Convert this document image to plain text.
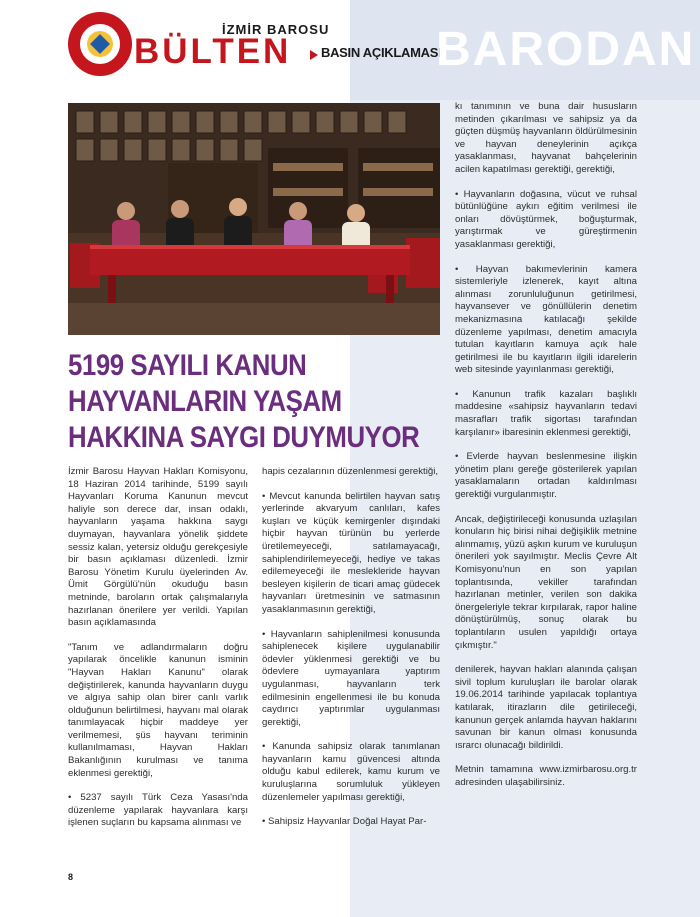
İZMİR BAROSU
BÜLTEN BASIN AÇIKLAMASI
BARODAN
5199 SAYILI KANUN
HAYVANLARIN YAŞAM
HAKKINA SAYGI DUYMUYOR

İzmir Barosu Hayvan Hakları Komisyonu, 18 Haziran 2014 tarihinde, 5199 sayılı Hayvanları Koruma Kanunun mevcut haliyle son derece dar, insan odaklı, hayvanların yaşama hakkına saygı duymayan, hayvanlara yönelik şiddete sessiz kalan, yetersiz olduğu gerekçesiyle bir basın açıklaması düzenledi. İzmir Barosu Yönetim Kurulu üyelerinden Av. Ümit Görgülü'nün okuduğu basın metninde, baroların ortak çalışmalarıyla hazırlanan önerilere yer verildi. Yapılan basın açıklamasında

"Tanım ve adlandırmaların doğru yapılarak öncelikle kanunun isminin "Hayvan Hakları Kanunu" olarak değiştirilerek, kanunda hayvanların duygu ve algıya sahip olan birer canlı varlık olduğunun belirtilmesi, hayvanı mal olarak tanımlayacak hiçbir maddeye yer verilmemesi, şüs hayvanı teriminin kullanılmaması, Hayvan Hakları Bakanlığının kurulması ve tanıma eklenmesi gerektiği,

• 5237 sayılı Türk Ceza Yasası'nda düzenleme yapılarak hayvanlara karşı işlenen suçların bu kapsama alınması ve

hapis cezalarının düzenlenmesi gerektiği,

• Mevcut kanunda belirtilen hayvan satış yerlerinde akvaryum canlıları, kafes kuşları ve küçük kemirgenler dışındaki hiçbir hayvan türünün bu yerlerde üretilemeyeceği, satılamayacağı, sahiplendirilemeyeceği, hediye ve takas edilemeyeceği ile meslekleride hayvan besleyen kişilerin de ticari amaç güdecek hayvanları üretmesinin ve satmasının yasaklanmasının gerektiği,

• Hayvanların sahiplenilmesi konusunda sahiplenecek kişilere uygulanabilir ödevler yüklenmesi gerektiği ve bu ödevlere uymayanlara yaptırım uygulanması, hayvanların terk edilmesinin engellenmesi ile bu konuda caydırıcı yaptırımlar uygulanması gerektiği,

• Kanunda sahipsiz olarak tanımlanan hayvanların kamu güvencesi altında olduğu kabul edilerek, kamu kurum ve kuruluşlarına sorumluluk yükleyen düzenlemeler yapılması gerektiği,

• Sahipsiz Hayvanlar Doğal Hayat Par-

kı tanımının ve buna dair hususların metinden çıkarılması ve sahipsiz ya da güçten düşmüş hayvanların öldürülmesinin ve hayvan deneylerinin açıkça yasaklanması, hayvanat bahçelerinin acilen kapatılması gerektiği, gerektiği,

• Hayvanların doğasına, vücut ve ruhsal bütünlüğüne aykırı eğitim verilmesi ile onları dövüştürmek, boğuşturmak, yarıştırmak ve güreştirmenin yasaklanması gerektiği,

• Hayvan bakımevlerinin kamera sistemleriyle izlenerek, kayıt altına alınması zorunluluğunun getirilmesi, hayvansever ve gönüllülerin denetim mekanizmasına katılacağı şekilde düzenleme yapılması, denetim amacıyla tutulan kayıtların kamuya açık hale getirilmesi ile bu kayıtların ilgili idarelerin web sitesinde yayınlanması gerektiği,

• Kanunun trafik kazaları başlıklı maddesine «sahipsiz hayvanların tedavi masrafları trafik sigortası tarafından karşılanır» ibaresinin eklenmesi gerektiği,

• Evlerde hayvan beslenmesine ilişkin yönetim planı gereğe gösterilerek yapılan yasaklamaların ortadan kaldırılması gerektiği vurgulanmıştır.

Ancak, değiştirileceği konusunda uzlaşılan konuların hiç birisi nihai değişiklik metnine alınmamış, yüzü aşkın kurum ve kuruluşun önerileri yok sayılmıştır. Meclis Çevre Alt Komisyonu'nun en son yapılan toplantısında, vekiller tarafından hazırlanan metinler, verilen son dakika önergeleriyle tekrar kırpılarak, rapor haline dönüştürülmüş, sonuç olarak bu toplantıların usulen yapıldığı ortaya çıkmıştır."

denilerek, hayvan hakları alanında çalışan sivil toplum kuruluşları ile barolar olarak 19.06.2014 tarihinde yapılacak toplantıya katılarak, itirazların dile getirileceği, kanunun gerçek anlamda hayvan haklarını savunan bir kanun olması konusunda ısrarcı olunacağı bildirildi.

Metnin tamamına www.izmirbarosu.org.tr adresinden ulaşabilirsiniz.

8
